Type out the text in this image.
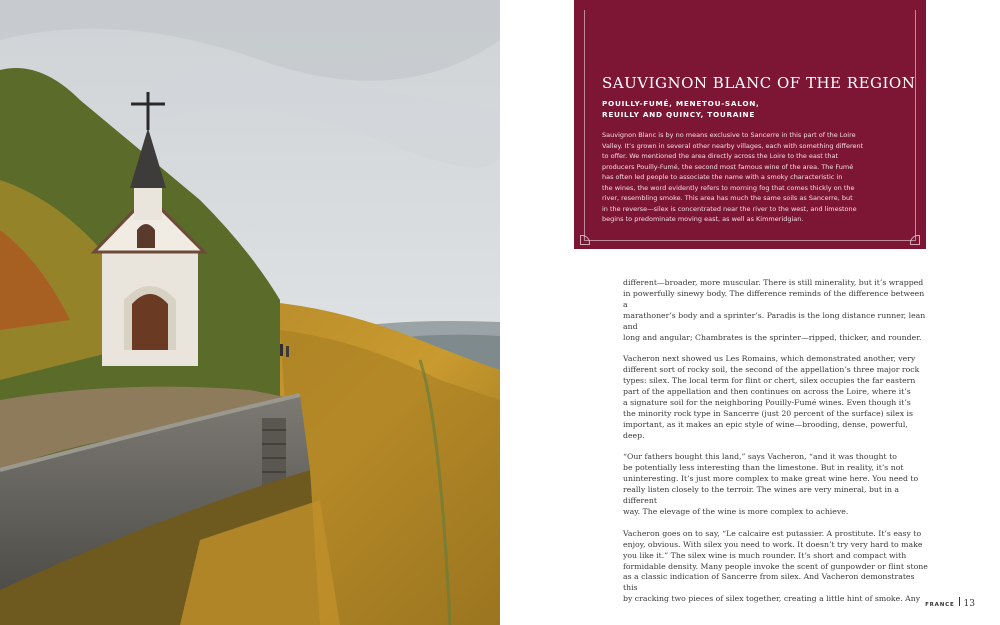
SAUVIGNON BLANC OF THE REGION
POUILLY-FUMÉ, MENETOU-SALON,
REUILLY AND QUINCY, TOURAINE
Sauvignon Blanc is by no means exclusive to Sancerre in this part of the Loire
Valley. It’s grown in several other nearby villages, each with something different
to offer. We mentioned the area directly across the Loire to the east that
producers Pouilly-Fumé, the second most famous wine of the area. The Fumé
has often led people to associate the name with a smoky characteristic in
the wines, the word evidently refers to morning fog that comes thickly on the
river, resembling smoke. This area has much the same soils as Sancerre, but
in the reverse—silex is concentrated near the river to the west, and limestone
begins to predominate moving east, as well as Kimmeridgian.

different—broader, more muscular. There is still minerality, but it’s wrapped
in powerfully sinewy body. The difference reminds of the difference between a
marathoner’s body and a sprinter’s. Paradis is the long distance runner, lean and
long and angular; Chambrates is the sprinter—ripped, thicker, and rounder.

Vacheron next showed us Les Romains, which demonstrated another, very
different sort of rocky soil, the second of the appellation’s three major rock
types: silex. The local term for flint or chert, silex occupies the far eastern
part of the appellation and then continues on across the Loire, where it’s
a signature soil for the neighboring Pouilly-Fumé wines. Even though it’s
the minority rock type in Sancerre (just 20 percent of the surface) silex is
important, as it makes an epic style of wine—brooding, dense, powerful, deep.

“Our fathers bought this land,” says Vacheron, “and it was thought to
be potentially less interesting than the limestone. But in reality, it’s not
uninteresting. It’s just more complex to make great wine here. You need to
really listen closely to the terroir. The wines are very mineral, but in a different
way. The elevage of the wine is more complex to achieve.

Vacheron goes on to say, “Le calcaire est putassier. A prostitute. It’s easy to
enjoy, obvious. With silex you need to work. It doesn’t try very hard to make
you like it.” The silex wine is much rounder. It’s short and compact with
formidable density. Many people invoke the scent of gunpowder or flint stone
as a classic indication of Sancerre from silex. And Vacheron demonstrates this
by cracking two pieces of silex together, creating a little hint of smoke. Any

FRANCE 13
